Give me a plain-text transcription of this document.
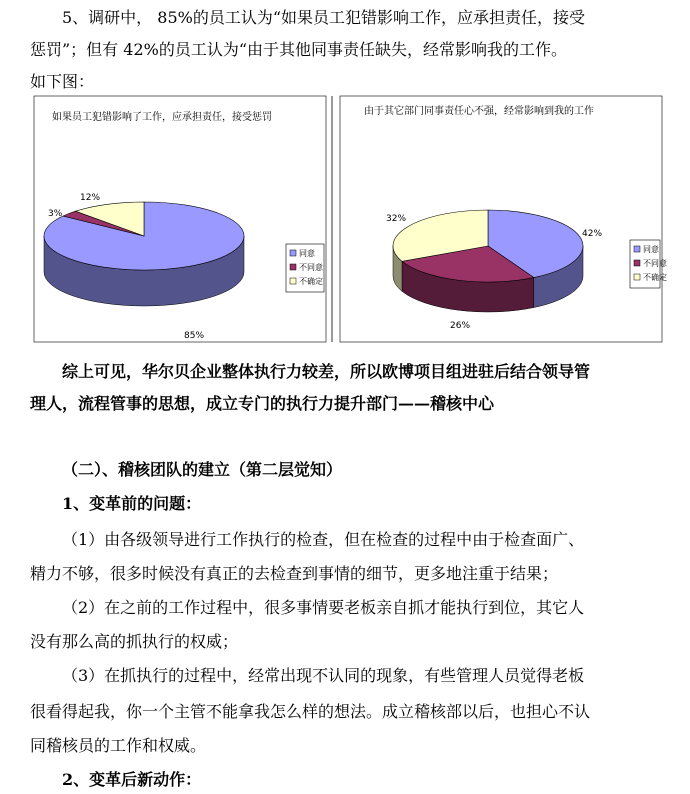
5、调研中， 85%的员工认为“如果员工犯错影响工作，应承担责任，接受
惩罚”；但有 42%的员工认为“由于其他同事责任缺失，经常影响我的工作。
如下图：
如果员工犯错影响了工作，应承担责任，接受惩罚
85%
3%
12%
同意
不同意
不确定
由于其它部门同事责任心不强，经常影响到我的工作
42%
26%
32%
同意
不同意
不确定
综上可见，华尔贝企业整体执行力较差，所以欧博项目组进驻后结合领导管
理人，流程管事的思想，成立专门的执行力提升部门——稽核中心
（二）、稽核团队的建立（第二层觉知）
1、变革前的问题：
（1）由各级领导进行工作执行的检查，但在检查的过程中由于检查面广、
精力不够，很多时候没有真正的去检查到事情的细节，更多地注重于结果；
（2）在之前的工作过程中，很多事情要老板亲自抓才能执行到位，其它人
没有那么高的抓执行的权威；
（3）在抓执行的过程中，经常出现不认同的现象，有些管理人员觉得老板
很看得起我，你一个主管不能拿我怎么样的想法。成立稽核部以后，也担心不认
同稽核员的工作和权威。
2、变革后新动作：
